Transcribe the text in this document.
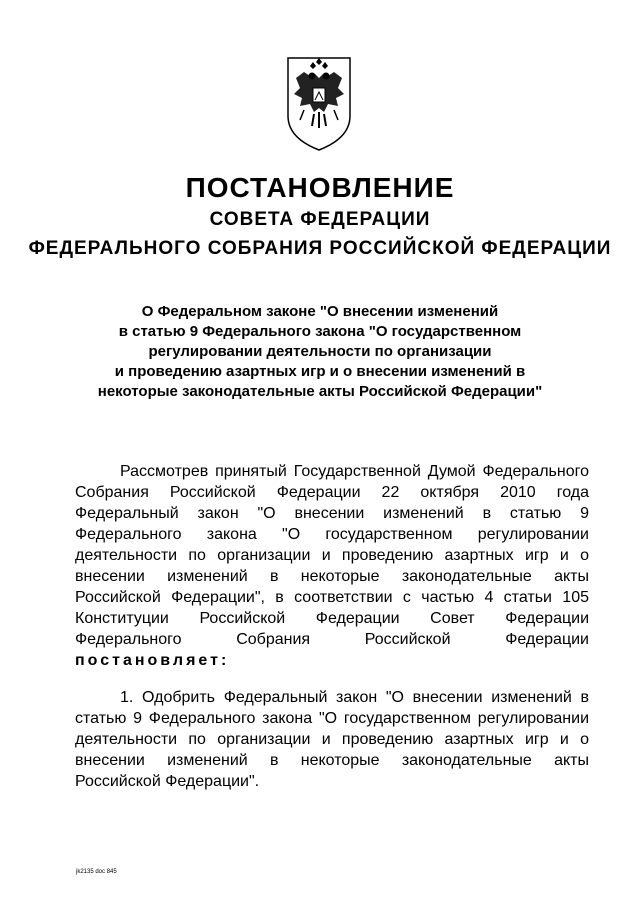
ПОСТАНОВЛЕНИЕ
СОВЕТА ФЕДЕРАЦИИ
ФЕДЕРАЛЬНОГО СОБРАНИЯ РОССИЙСКОЙ ФЕДЕРАЦИИ
О Федеральном законе "О внесении изменений
в статью 9 Федерального закона "О государственном
регулировании деятельности по организации
и проведению азартных игр и о внесении изменений в
некоторые законодательные акты Российской Федерации"
Рассмотрев принятый Государственной Думой Федерального
Собрания Российской Федерации 22 октября 2010 года
Федеральный закон "О внесении изменений в статью 9
Федерального закона "О государственном регулировании
деятельности по организации и проведению азартных игр и о
внесении изменений в некоторые законодательные акты
Российской Федерации", в соответствии с частью 4 статьи 105
Конституции Российской Федерации Совет Федерации
Федерального Собрания Российской Федерации
постановляет:
1. Одобрить Федеральный закон "О внесении изменений в
статью 9 Федерального закона "О государственном регулировании
деятельности по организации и проведению азартных игр и о
внесении изменений в некоторые законодательные акты
Российской Федерации".
jk2135 doc 845
